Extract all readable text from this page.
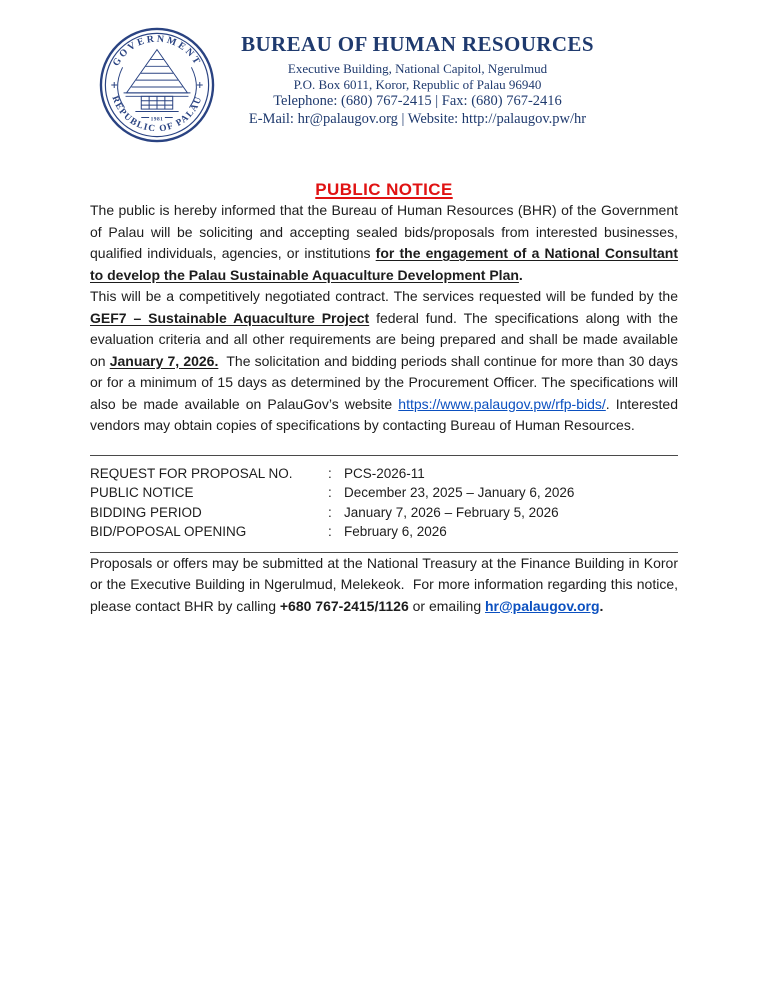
GOVERNMENT
REPUBLIC OF PALAU
1981
BUREAU OF HUMAN RESOURCES
Executive Building, National Capitol, Ngerulmud
P.O. Box 6011, Koror, Republic of Palau 96940
Telephone: (680) 767-2415 | Fax: (680) 767-2416
E-Mail: hr@palaugov.org | Website: http://palaugov.pw/hr
PUBLIC NOTICE

The public is hereby informed that the Bureau of Human Resources (BHR) of the Government of Palau will be soliciting and accepting sealed bids/proposals from interested businesses, qualified individuals, agencies, or institutions for the engagement of a National Consultant to develop the Palau Sustainable Aquaculture Development Plan.

This will be a competitively negotiated contract. The services requested will be funded by the GEF7 – Sustainable Aquaculture Project federal fund. The specifications along with the evaluation criteria and all other requirements are being prepared and shall be made available on January 7, 2026.  The solicitation and bidding periods shall continue for more than 30 days or for a minimum of 15 days as determined by the Procurement Officer. The specifications will also be made available on PalauGov’s website https://www.palaugov.pw/rfp-bids/. Interested vendors may obtain copies of specifications by contacting Bureau of Human Resources.

REQUEST FOR PROPOSAL NO.	: PCS-2026-11
PUBLIC NOTICE	: December 23, 2025 – January 6, 2026
BIDDING PERIOD	: January 7, 2026 – February 5, 2026
BID/POPOSAL OPENING	: February 6, 2026

Proposals or offers may be submitted at the National Treasury at the Finance Building in Koror or the Executive Building in Ngerulmud, Melekeok.  For more information regarding this notice, please contact BHR by calling +680 767-2415/1126 or emailing hr@palaugov.org.
